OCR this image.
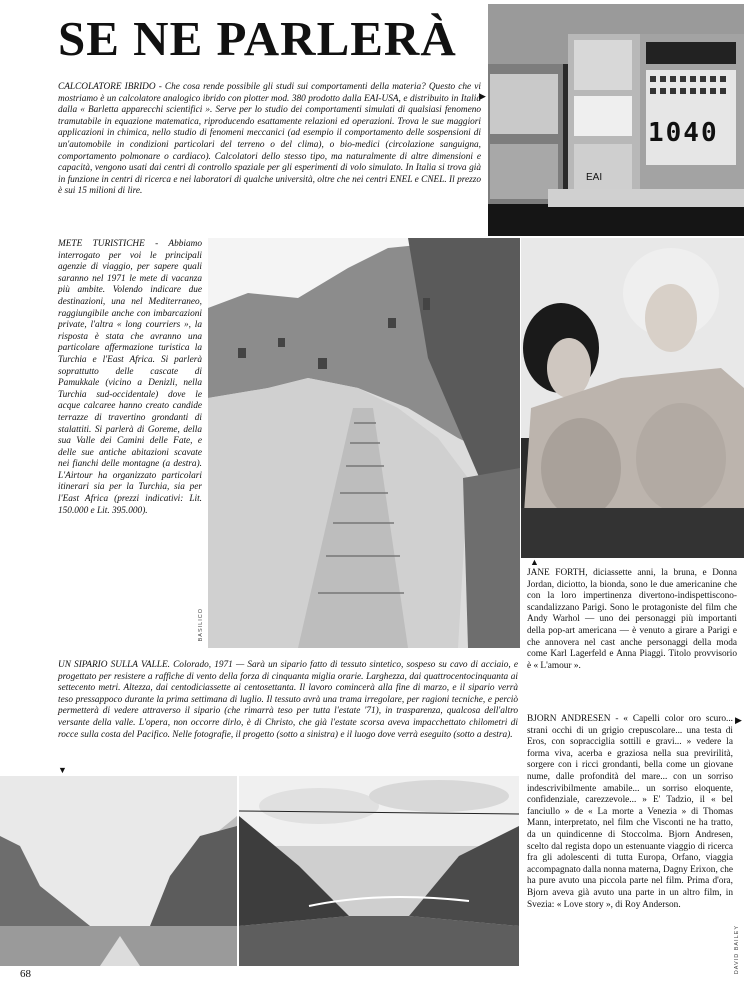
SE NE PARLERÀ
1040
EAI

CALCOLATORE IBRIDO - Che cosa rende possibile gli studi sui comportamenti della materia? Questo che vi mostriamo è un calcolatore analogico ibrido con plotter mod. 380 prodotto dalla EAI-USA, e distribuito in Italia dalla « Barletta apparecchi scientifici ». Serve per lo studio dei comportamenti simulati di qualsiasi fenomeno tramutabile in equazione matematica, riproducendo esattamente relazioni ed operazioni. Trova le sue maggiori applicazioni in chimica, nello studio di fenomeni meccanici (ad esempio il comportamento delle sospensioni di un'automobile in condizioni particolari del terreno o del clima), o bio-medici (circolazione sanguigna, comportamento polmonare o cardiaco). Calcolatori dello stesso tipo, ma naturalmente di altre dimensioni e capacità, vengono usati dai centri di controllo spaziale per gli esperimenti di volo simulato. In Italia si trova già in funzione in centri di ricerca e nei laboratori di qualche università, oltre che nei centri ENEL e CNEL. Il prezzo è sui 15 milioni di lire.

▶

METE TURISTICHE - Abbiamo interrogato per voi le principali agenzie di viaggio, per sapere quali saranno nel 1971 le mete di vacanza più ambite. Volendo indicare due destinazioni, una nel Mediterraneo, raggiungibile anche con imbarcazioni private, l'altra « long courriers », la risposta è stata che avranno una particolare affermazione turistica la Turchia e l'East Africa. Si parlerà soprattutto delle cascate di Pamukkale (vicino a Denizli, nella Turchia sud-occidentale) dove le acque calcaree hanno creato candide terrazze di travertino grondanti di stalattiti. Si parlerà di Goreme, della sua Valle dei Camini delle Fate, e delle sue antiche abitazioni scavate nei fianchi delle montagne (a destra). L'Airtour ha organizzato particolari itinerari sia per la Turchia, sia per l'East Africa (prezzi indicativi: Lit. 150.000 e Lit. 395.000).

BASILICO
▲

JANE FORTH, diciassette anni, la bruna, e Donna Jordan, diciotto, la bionda, sono le due americanine che con la loro impertinenza divertono-indispettiscono-scandalizzano Parigi. Sono le protagoniste del film che Andy Warhol — uno dei personaggi più importanti della pop-art americana — è venuto a girare a Parigi e che annovera nel cast anche personaggi della moda come Karl Lagerfeld e Anna Piaggi. Titolo provvisorio è « L'amour ».

UN SIPARIO SULLA VALLE. Colorado, 1971 — Sarà un sipario fatto di tessuto sintetico, sospeso su cavo di acciaio, e progettato per resistere a raffiche di vento della forza di cinquanta miglia orarie. Larghezza, dai quattrocentocinquanta ai settecento metri. Altezza, dai centodiciassette ai centosettanta. Il lavoro comincerà alla fine di marzo, e il sipario verrà teso pressappoco durante la prima settimana di luglio. Il tessuto avrà una trama irregolare, per ragioni tecniche, e perciò permetterà di vedere attraverso il sipario (che rimarrà teso per tutta l'estate '71), in trasparenza, qualcosa dell'altro versante della valle. L'opera, non occorre dirlo, è di Christo, che già l'estate scorsa aveva impacchettato chilometri di rocce sulla costa del Pacifico. Nelle fotografie, il progetto (sotto a sinistra) e il luogo dove verrà eseguito (sotto a destra).

▼
▶

BJORN ANDRESEN - « Capelli color oro scuro... strani occhi di un grigio crepuscolare... una testa di Eros, con sopracciglia sottili e gravi... » vedere la forma viva, acerba e graziosa nella sua previrilità, sorgere con i ricci grondanti, bella come un giovane nume, dalle profondità del mare... con un sorriso indescrivibilmente amabile... un sorriso eloquente, confidenziale, carezzevole... » E' Tadzio, il « bel fanciullo » de « La morte a Venezia » di Thomas Mann, interpretato, nel film che Visconti ne ha tratto, da un quindicenne di Stoccolma. Bjorn Andresen, scelto dal regista dopo un estenuante viaggio di ricerca fra gli adolescenti di tutta Europa, Orfano, viaggia accompagnato dalla nonna materna, Dagny Erixon, che ha pure avuto una piccola parte nel film. Prima d'ora, Bjorn aveva già avuto una parte in un altro film, in Svezia: « Love story », di Roy Anderson.

DAVID BAILEY
68
